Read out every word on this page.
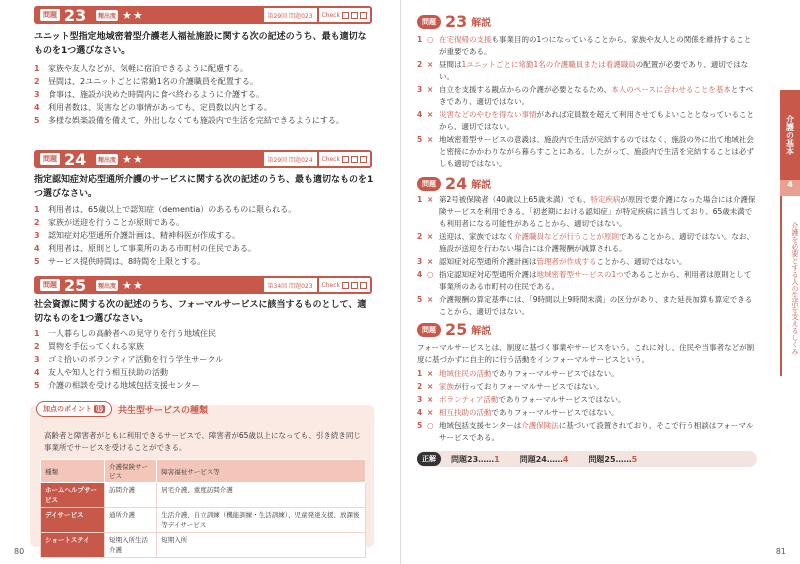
問題 23	頻出度 ★★	第29回 問題023	Check
ユニット型指定地域密着型介護老人福祉施設に関する次の記述のうち、最も適切なものを1つ選びなさい。
1	家族や友人などが、気軽に宿泊できるように配慮する。
2	昼間は、2ユニットごとに常勤1名の介護職員を配置する。
3	食事は、施設が決めた時間内に食べ終わるように介護する。
4	利用者数は、災害などの事情があっても、定員数以内とする。
5	多様な娯楽設備を備えて、外出しなくても施設内で生活を完結できるようにする。
問題 24	頻出度 ★★	第29回 問題024	Check
指定認知症対応型通所介護のサービスに関する次の記述のうち、最も適切なものを1つ選びなさい。
1	利用者は、65歳以上で認知症（dementia）のあるものに限られる。
2	家族が送迎を行うことが原則である。
3	認知症対応型通所介護計画は、精神科医が作成する。
4	利用者は、原則として事業所のある市町村の住民である。
5	サービス提供時間は、8時間を上限とする。
問題 25	頻出度 ★★	第34回 問題023	Check
社会資源に関する次の記述のうち、フォーマルサービスに該当するものとして、適切なものを1つ選びなさい。
1	一人暮らしの高齢者への見守りを行う地域住民
2	買物を手伝ってくれる家族
3	ゴミ拾いのボランティア活動を行う学生サークル
4	友人や知人と行う相互扶助の活動
5	介護の相談を受ける地域包括支援センター
加点のポイント ⑬	共生型サービスの種類
高齢者と障害者がともに利用できるサービスで、障害者が65歳以上になっても、引き続き同じ事業所でサービスを受けることができる。
種類	介護保険サービス	障害福祉サービス等
ホームヘルプサービス	訪問介護	居宅介護、重度訪問介護
デイサービス	通所介護	生活介護、自立訓練（機能訓練・生活訓練）、児童発達支援、放課後等デイサービス
ショートステイ	短期入所生活介護	短期入所
80
問題 23 解説
1 ○ 在宅復帰の支援も事業目的の1つになっていることから、家族や友人との関係を維持することが重要である。
2 × 昼間は1ユニットごとに常勤1名の介護職員または看護職員の配置が必要であり、適切ではない。
3 × 自立を支援する観点からの介護が必要となるため、本人のペースに合わせることを基本とすべきであり、適切ではない。
4 × 災害などのやむを得ない事情があれば定員数を超えて利用させてもよいこととなっていることから、適切ではない。
5 × 地域密着型サービスの意義は、施設内で生活が完結するのではなく、施設の外に出て地域社会と密接にかかわりながら暮らすことにある。したがって、施設内で生活を完結することは必ずしも適切ではない。
問題 24 解説
1 × 第2号被保険者（40歳以上65歳未満）でも、特定疾病が原因で要介護になった場合には介護保険サービスを利用できる。「初老期における認知症」が特定疾病に該当しており、65歳未満でも利用者になる可能性があることから、適切ではない。
2 × 送迎は、家族ではなく介護職員などが行うことが原則であることから、適切ではない。なお、施設が送迎を行わない場合には介護報酬が減算される。
3 × 認知症対応型通所介護計画は管理者が作成することから、適切ではない。
4 ○ 指定認知症対応型通所介護は地域密着型サービスの1つであることから、利用者は原則として事業所のある市町村の住民である。
5 × 介護報酬の算定基準には、「9時間以上9時間未満」の区分があり、また延長加算も算定できることから、適切ではない。
問題 25 解説
フォーマルサービスとは、制度に基づく事業やサービスをいう。これに対し、住民や当事者などが制度に基づかずに自主的に行う活動をインフォーマルサービスという。
1 × 地域住民の活動でありフォーマルサービスではない。
2 × 家族が行っておりフォーマルサービスではない。
3 × ボランティア活動でありフォーマルサービスではない。
4 × 相互扶助の活動でありフォーマルサービスではない。
5 ○ 地域包括支援センターは介護保険法に基づいて設置されており、そこで行う相談はフォーマルサービスである。
正解	問題23……1	問題24……4	問題25……5
介護の基本
4
介護を必要とする人の生活を支えるしくみ
81
